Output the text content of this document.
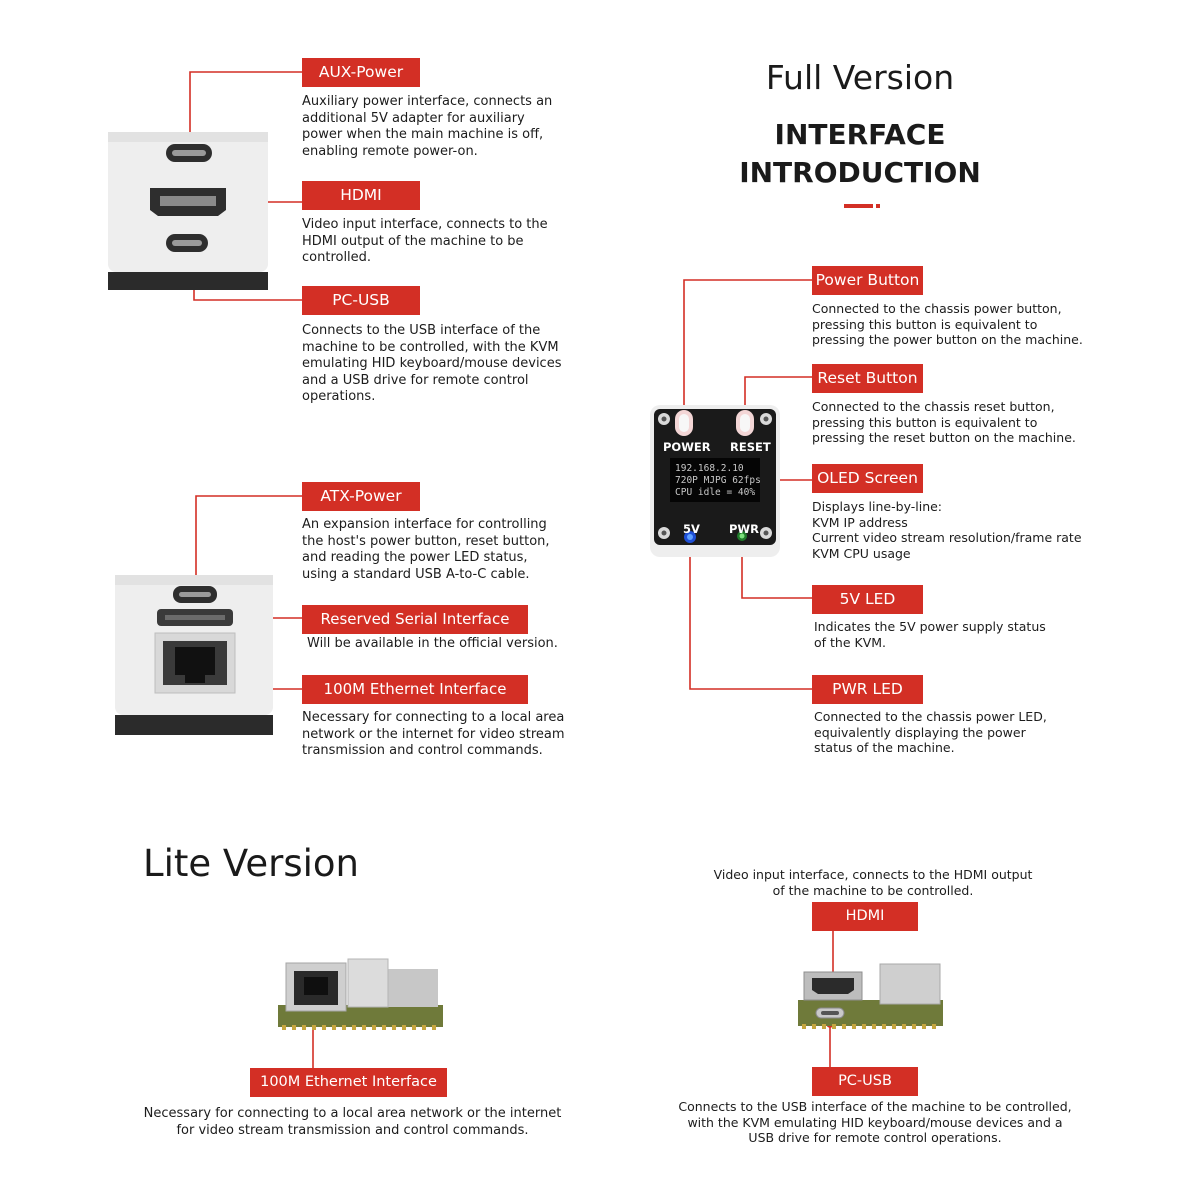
POWER RESET
5V	PWR
192.168.2.10
720P MJPG 62fps
CPU idle = 40%
Full Version
INTERFACE
INTRODUCTION
Lite Version
AUX-Power
Auxiliary power interface, connects an
additional 5V adapter for auxiliary
power when the main machine is off,
enabling remote power-on.
HDMI
Video input interface, connects to the
HDMI output of the machine to be
controlled.
PC-USB
Connects to the USB interface of the
machine to be controlled, with the KVM
emulating HID keyboard/mouse devices
and a USB drive for remote control
operations.
ATX-Power
An expansion interface for controlling
the host's power button, reset button,
and reading the power LED status,
using a standard USB A-to-C cable.
Reserved Serial Interface
Will be available in the official version.
100M Ethernet Interface
Necessary for connecting to a local area
network or the internet for video stream
transmission and control commands.
Power Button
Connected to the chassis power button,
pressing this button is equivalent to
pressing the power button on the machine.
Reset Button
Connected to the chassis reset button,
pressing this button is equivalent to
pressing the reset button on the machine.
OLED Screen
Displays line-by-line:
KVM IP address
Current video stream resolution/frame rate
KVM CPU usage
5V LED
Indicates the 5V power supply status
of the KVM.
PWR LED
Connected to the chassis power LED,
equivalently displaying the power
status of the machine.
100M Ethernet Interface
Necessary for connecting to a local area network or the internet
for video stream transmission and control commands.
Video input interface, connects to the HDMI output
of the machine to be controlled.
HDMI
PC-USB
Connects to the USB interface of the machine to be controlled,
with the KVM emulating HID keyboard/mouse devices and a
USB drive for remote control operations.
